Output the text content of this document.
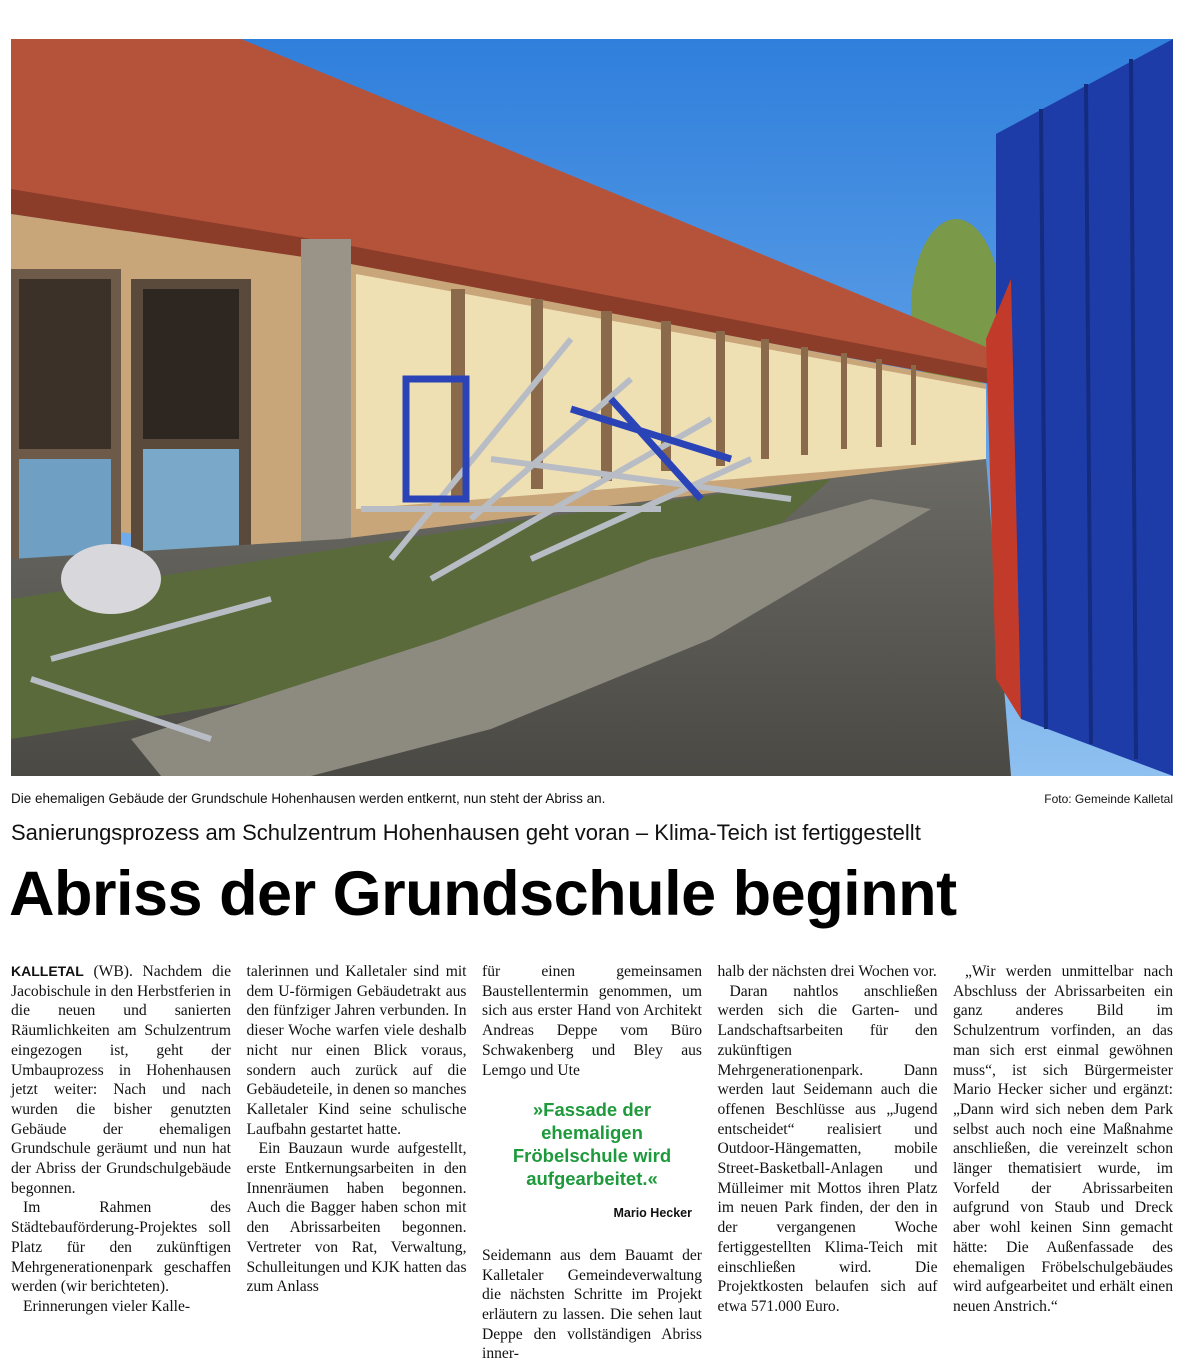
Die ehemaligen Gebäude der Grundschule Hohenhausen werden entkernt, nun steht der Abriss an.	Foto: Gemeinde Kalletal
Sanierungsprozess am Schulzentrum Hohenhausen geht voran – Klima-Teich ist fertiggestellt
Abriss der Grundschule beginnt

KALLETAL (WB). Nachdem die Jacobischule in den Herbstferien in die neuen und sanierten Räumlichkeiten am Schulzentrum eingezogen ist, geht der Umbauprozess in Hohenhausen jetzt weiter: Nach und nach wurden die bisher genutzten Gebäude der ehemaligen Grundschule geräumt und nun hat der Abriss der Grundschulgebäude begonnen.

Im Rahmen des Städtebauförderung-Projektes soll Platz für den zukünftigen Mehrgenerationenpark geschaffen werden (wir berichteten).

Erinnerungen vieler Kalle-

talerinnen und Kalletaler sind mit dem U-förmigen Gebäudetrakt aus den fünfziger Jahren verbunden. In dieser Woche warfen viele deshalb nicht nur einen Blick voraus, sondern auch zurück auf die Gebäudeteile, in denen so manches Kalletaler Kind seine schulische Laufbahn gestartet hatte.

Ein Bauzaun wurde aufgestellt, erste Entkernungsarbeiten in den Innenräumen haben begonnen. Auch die Bagger haben schon mit den Abrissarbeiten begonnen. Vertreter von Rat, Verwaltung, Schulleitungen und KJK hatten das zum Anlass

für einen gemeinsamen Baustellentermin genommen, um sich aus erster Hand von Architekt Andreas Deppe vom Büro Schwakenberg und Bley aus Lemgo und Ute

»Fassade der ehemaligen Fröbelschule wird aufgearbeitet.«
Mario Hecker

Seidemann aus dem Bauamt der Kalletaler Gemeindeverwaltung die nächsten Schritte im Projekt erläutern zu lassen. Die sehen laut Deppe den vollständigen Abriss inner-

halb der nächsten drei Wochen vor.

Daran nahtlos anschließen werden sich die Garten- und Landschaftsarbeiten für den zukünftigen Mehrgenerationenpark. Dann werden laut Seidemann auch die offenen Beschlüsse aus „Jugend entscheidet“ realisiert und Outdoor-Hängematten, mobile Street-Basketball-Anlagen und Mülleimer mit Mottos ihren Platz im neuen Park finden, der den in der vergangenen Woche fertiggestellten Klima-Teich mit einschließen wird. Die Projektkosten belaufen sich auf etwa 571.000 Euro.

„Wir werden unmittelbar nach Abschluss der Abrissarbeiten ein ganz anderes Bild im Schulzentrum vorfinden, an das man sich erst einmal gewöhnen muss“, ist sich Bürgermeister Mario Hecker sicher und ergänzt: „Dann wird sich neben dem Park selbst auch noch eine Maßnahme anschließen, die vereinzelt schon länger thematisiert wurde, im Vorfeld der Abrissarbeiten aufgrund von Staub und Dreck aber wohl keinen Sinn gemacht hätte: Die Außenfassade des ehemaligen Fröbelschulgebäudes wird aufgearbeitet und erhält einen neuen Anstrich.“
